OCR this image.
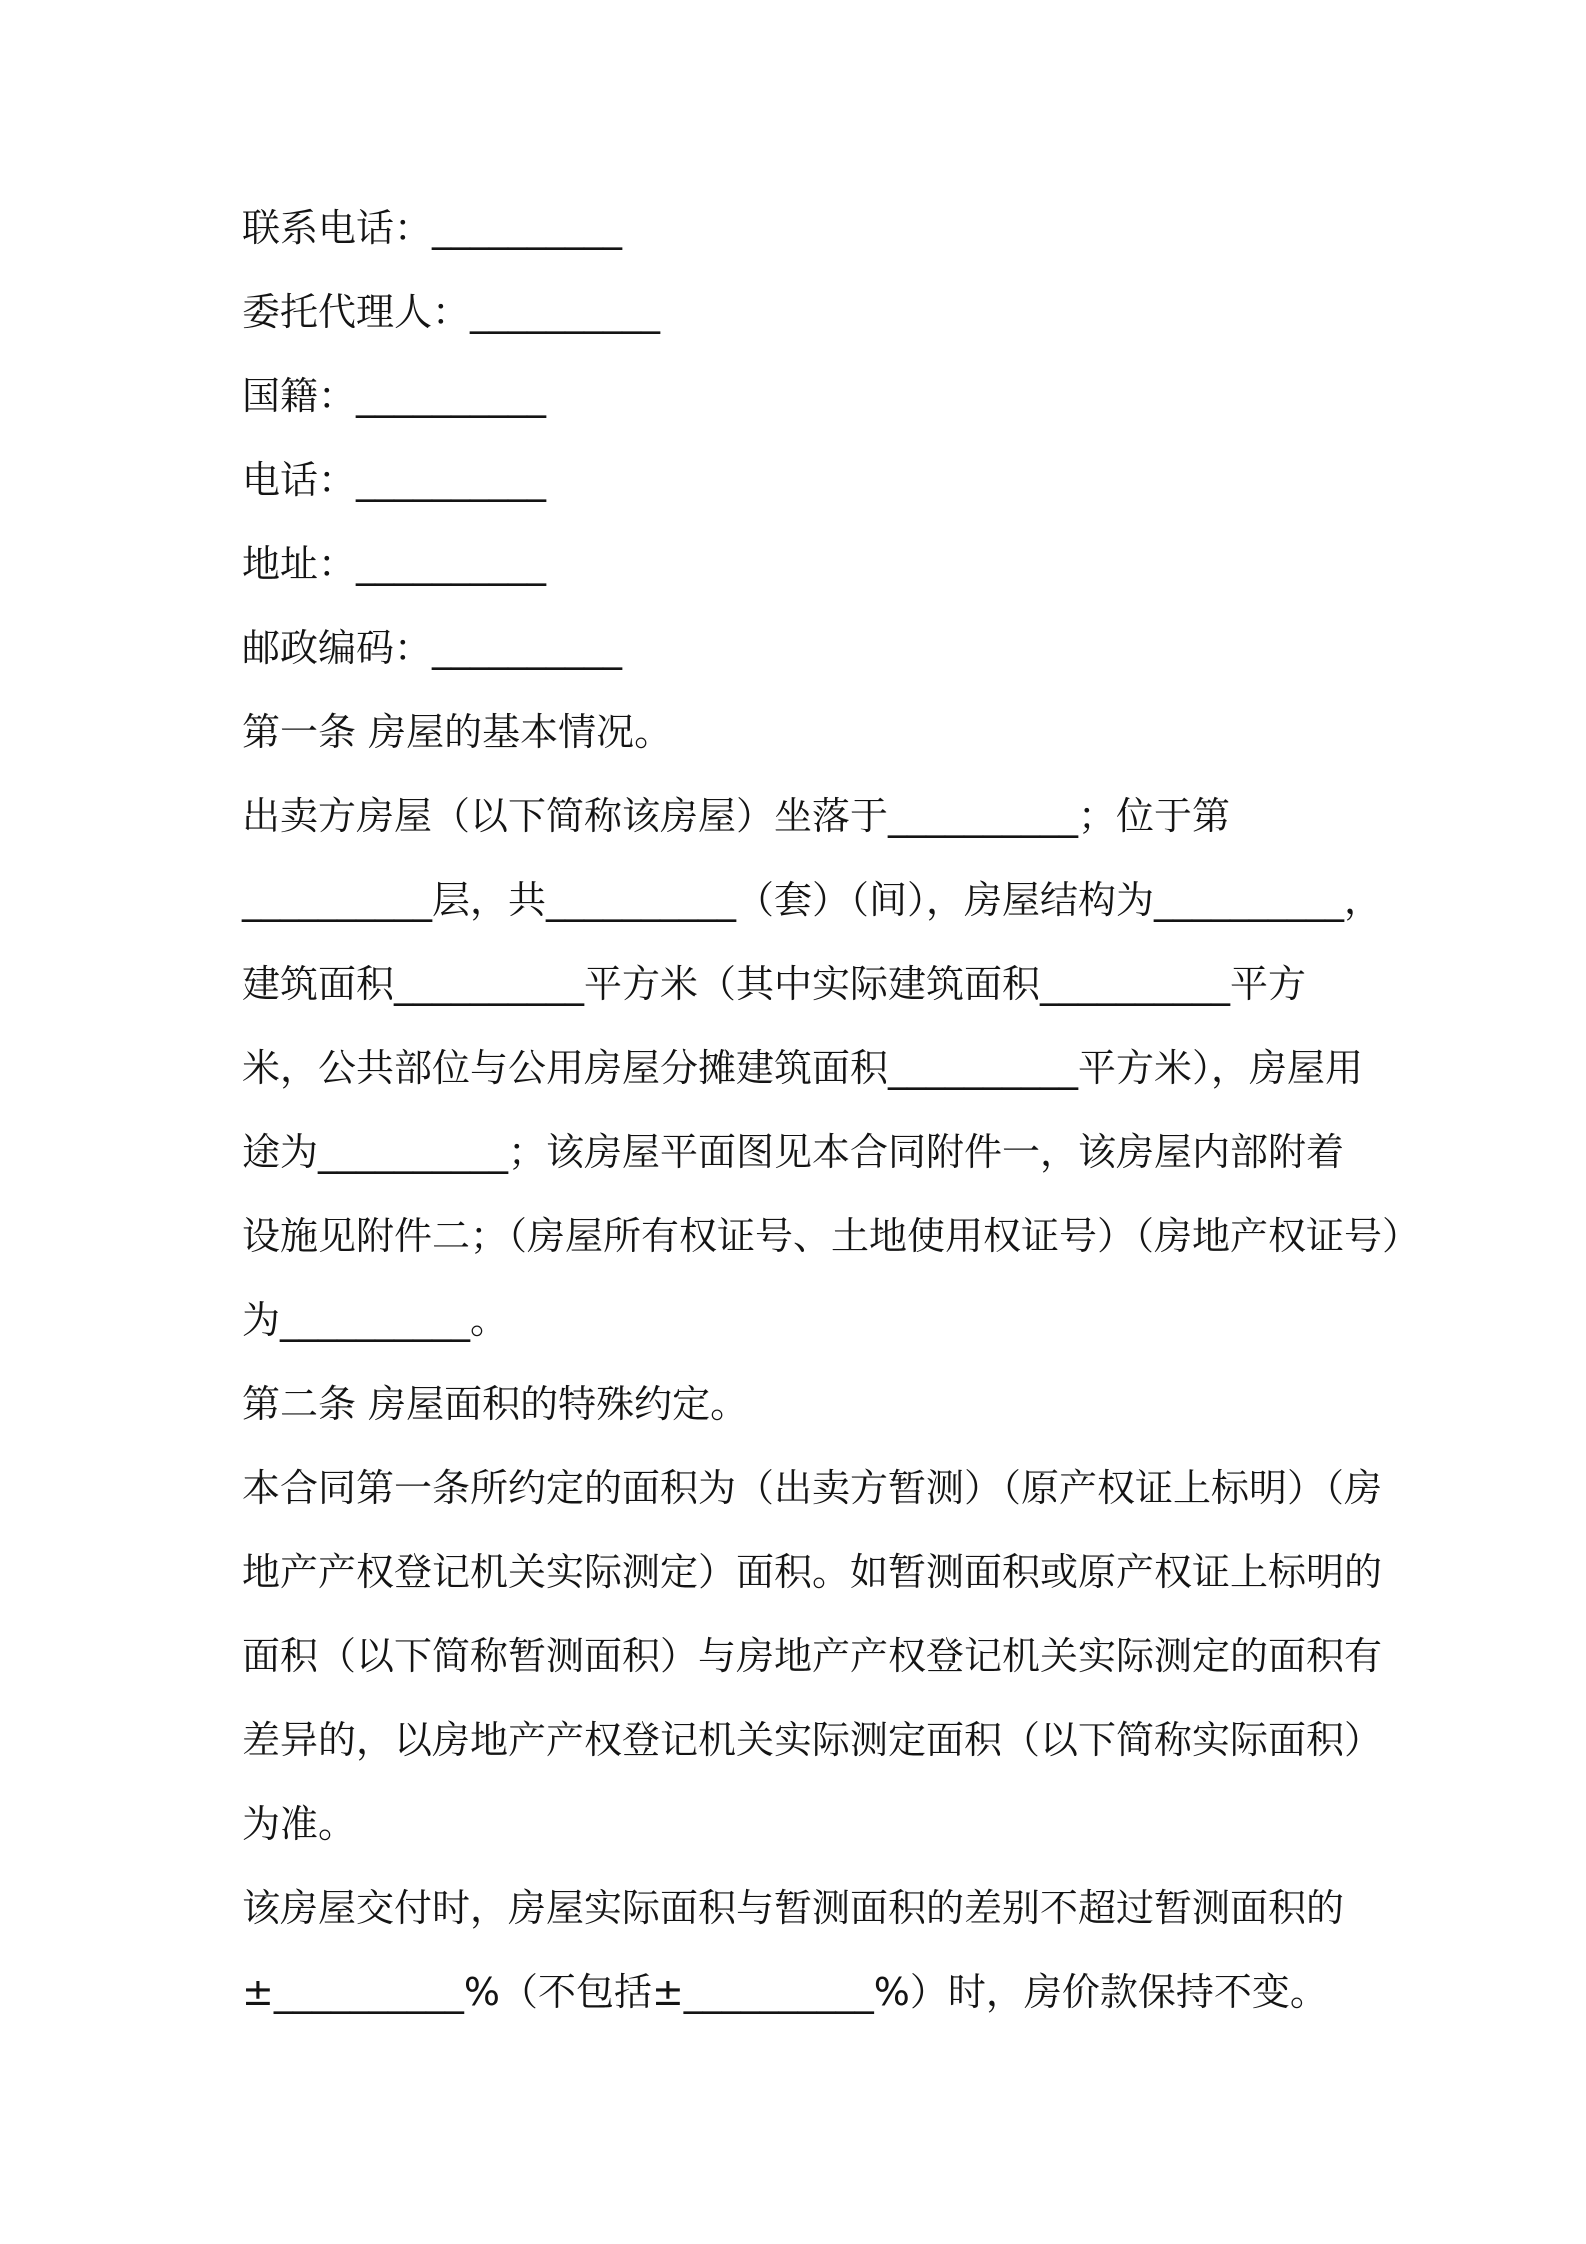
联系电话：__________

委托代理人：__________

国籍：__________

电话：__________

地址：__________

邮政编码：__________

第一条 房屋的基本情况。

出卖方房屋（以下简称该房屋）坐落于__________；位于第

__________层，共__________（套）（间），房屋结构为__________，

建筑面积__________平方米（其中实际建筑面积__________平方

米，公共部位与公用房屋分摊建筑面积__________平方米），房屋用

途为__________；该房屋平面图见本合同附件一，该房屋内部附着

设施见附件二；（房屋所有权证号、土地使用权证号）（房地产权证号）

为__________。

第二条 房屋面积的特殊约定。

本合同第一条所约定的面积为（出卖方暂测）（原产权证上标明）（房

地产产权登记机关实际测定）面积。如暂测面积或原产权证上标明的

面积（以下简称暂测面积）与房地产产权登记机关实际测定的面积有

差异的，以房地产产权登记机关实际测定面积（以下简称实际面积）

为准。

该房屋交付时，房屋实际面积与暂测面积的差别不超过暂测面积的

±__________%（不包括±__________%）时，房价款保持不变。
